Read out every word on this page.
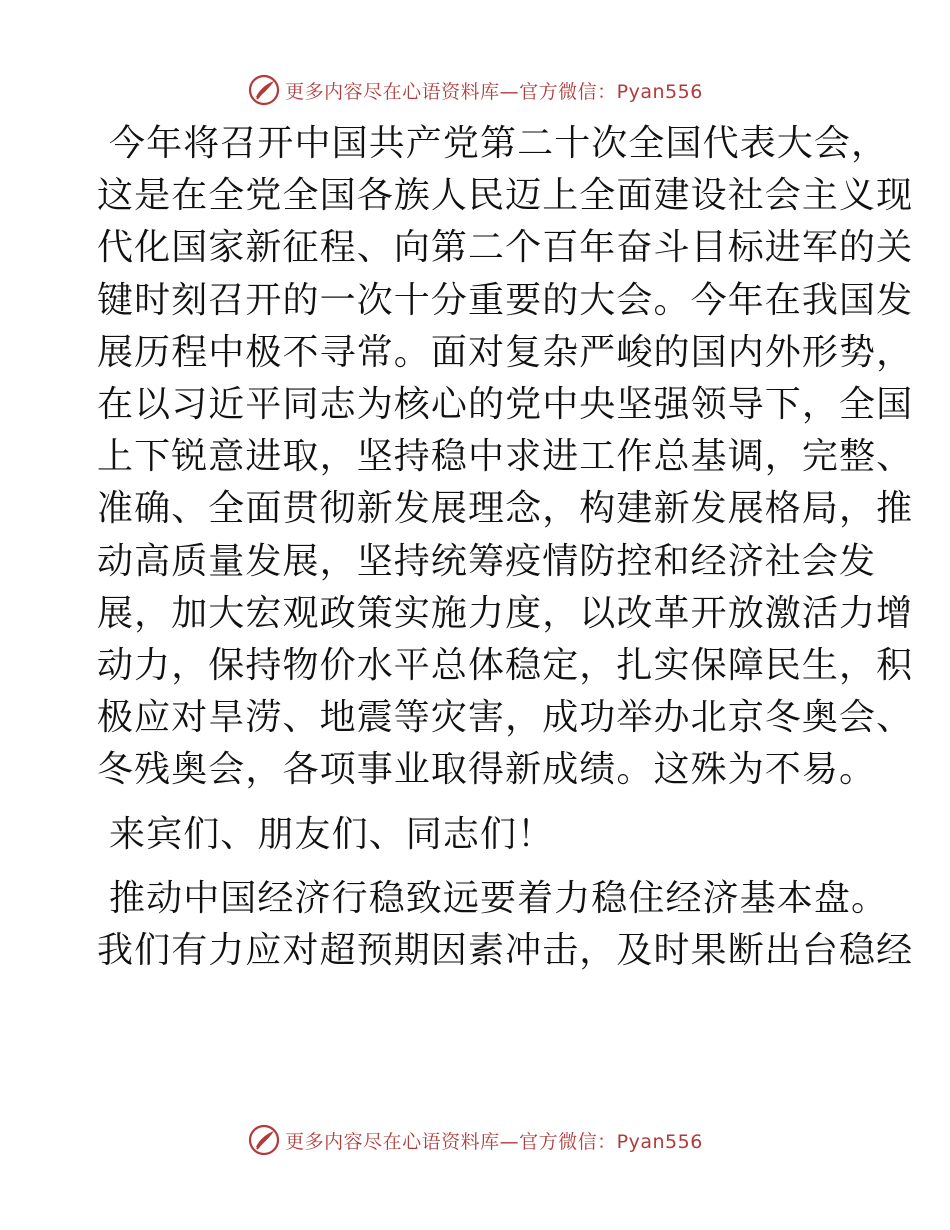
更多内容尽在心语资料库—官方微信：Pyan556
今年将召开中国共产党第二十次全国代表大会，
这是在全党全国各族人民迈上全面建设社会主义现
代化国家新征程、向第二个百年奋斗目标进军的关
键时刻召开的一次十分重要的大会。今年在我国发
展历程中极不寻常。面对复杂严峻的国内外形势，
在以习近平同志为核心的党中央坚强领导下，全国
上下锐意进取，坚持稳中求进工作总基调，完整、
准确、全面贯彻新发展理念，构建新发展格局，推
动高质量发展，坚持统筹疫情防控和经济社会发
展，加大宏观政策实施力度，以改革开放激活力增
动力，保持物价水平总体稳定，扎实保障民生，积
极应对旱涝、地震等灾害，成功举办北京冬奥会、
冬残奥会，各项事业取得新成绩。这殊为不易。
来宾们、朋友们、同志们！
推动中国经济行稳致远要着力稳住经济基本盘。
我们有力应对超预期因素冲击，及时果断出台稳经
更多内容尽在心语资料库—官方微信：Pyan556
